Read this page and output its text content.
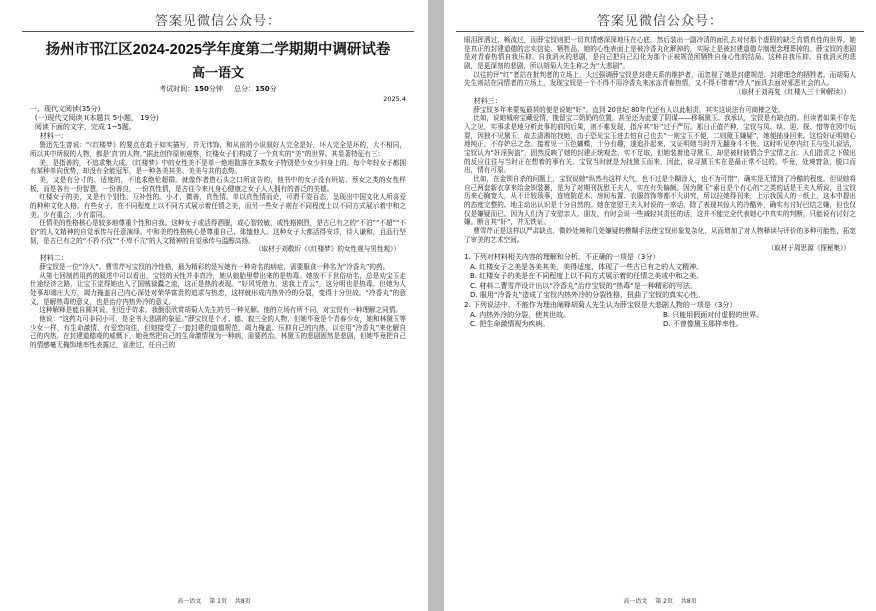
答案见微信公众号：
扬州市邗江区2024-2025学年度第二学期期中调研试卷
高一语文
考试时间：150分钟 总分：150分
2025.4

一、现代文阅读(35分)

(一)现代文阅读 I(本题共 5小题， 19分)

阅读下面的文字，完成 1~5题。

材料一：

鲁迅先生曾说：“《红楼梦》的要点在敢于如实描写，并无讳饰，和从前的小说叙好人完全是好，坏人完全是坏的，大不相同，所以其中所叙的人物，都是‘真’的人物。”据此创作原则观察，红楼女子们构成了一个真实的“美”的世界。其显著特征有三：

美，是指善的，不追求集大成。《红楼梦》中的女性美不是单一绝地散落在多数女子特别是少女少妇身上的。每个年轻女子都拥有某种单向优势，却没有全能冠军，是一种各美其美、美美与共的态势。

美，又是有分寸的、适度的，不追求绝伦超群。就像作者借石头之口所宣告的，他书中的女子没有班姑、蔡女之类的女性样板，而是各有一份智慧，一份善良，一份真性情，是古往今来凡身心健康之女子人人拥有的普泛的美德。

红楼女子的美，又是有个别性、互补性的。小才，微善，真性情。单以真性情而论，可谓千姿百态，呈现出中国文化人所喜爱的种种文化人格。有些女子，在不同程度上以不同方式展示着任情之美，而另一些女子则在不同程度上以不同方式展示着中和之美。少有重合，少有雷同。

任情美的性格核心是较多地尊重个性和自我。这种女子或活得洒脱，或心智较敏，或性格刚烈，是古已有之的“不泊”“不超”“不俗”的人文精神的自觉承传与任意演绎。中和美的性格核心是尊重自己、体恤他人。这种女子大都活得安详，待人谦和，且品行坚韧，是古已有之的“不矜不伐”“不卑不亢”的人文精神的自觉承传与温醇高扬。

（取材于刘敬圻《《红楼梦》的女性观与男性观》）

材料二：

薛宝钗是一位“冷人”。曹雪芹写宝钗的冷性格，最为精彩的是写她有一种奇名的病症，需要服食一种名为“冷香丸”的药。

从第七回制药用药的叙述中可以看出，宝钗的天性并非真冷，她从娘胎里带出来的是热毒。她放不下世俗功名，总是劝宝玉走仕途经济之路，让宝玉觉得她也入了国贼禄蠹之流，这正是热的表现。“好风凭借力，送我上青云”，这分明也是热毒。但她为人处事却端庄大方，竭力掩盖自己内心深处对荣华富贵的追求与热恋，这样就形成内热外冷的分裂，变得十分世故。“冷香丸”的意义，是解热毒的意义，也是治疗内热外冷的意义。

这种解释是能自圆其说，但近乎苛求。我倒很欣赏胡菊人先生的另一种见解。他的立场有所不同，对宝钗有一种理解之同情。

他说：“这药丸可非同小可，是全书大悲剧的象征。”薛宝钗是个才、德、貌三全的人物，但她毕竟是个青春少女，她和林黛玉等少女一样，有生命激情，有爱恋向往，但她接受了一套封建的道德规范，竭力掩盖、压抑自己的内热，以至用“冷香丸”来化解自己的内热。在封建道德观的威慑下，她竟然把自己的生命激情视为一种病，需要药治。林黛玉的悲剧固然是悲剧，但她毕竟把自己的情感毫无掩饰地率性表露过，宣泄过，任自己的

高一语文 第 1页 共8页
答案见微信公众号：

眼泪挥洒过、畅流过，而薛宝钗则把一切真情感深深地压在心底，然后装出一副冷清的面孔去对付那个虚假的缺乏真情真性的世界。她是真正的封建道德的忠实信徒、牺牲品，她的心性表面上是被冷香丸化解掉的，实际上是被封建道德专制理念埋葬掉的。薛宝钗的悲剧是对青春热情自我压抑、自我消灭的悲剧，是自己把自己幻化为那个正被规范所牺牲自身心性的结局。这种自我压抑、自我消灭的悲剧，是更深刻的悲剧，所以胡菊人先生称之为“大悲剧”。

以往的评“红”者站在批判者的立场上，大过强调薛宝钗是封建关系的维护者，而忽视了她是封建规范、封建理念的牺牲者。而胡菊人先生则站在同情者的立场上，发现宝钗是一个不得不用冷香丸来冰冻青春热情，又不得不带着“冷人”面具去面对邪恶社会的人。

（取材于刘再复《红楼人三十种解读》）

材料三：

薛宝钗多年来蒙冤最甚的便是说她“奸”。直到 20世纪 80年代还有人以此相责，其实这说法有可商榷之处。

比如，说她城府宝藏爱情，挽留宝二奶奶的位置，甚至还为此要了阴谋——移祸黛玉。我承认，宝钗是有缺点的。但读者如果不存先入之见，实事求是地分析此事的前因后果，则不难发现，指斥其“奸”过于严厉。那日正值芒种，宝钗与凤、纨、迎、探、惜等在园中玩耍，因独不见黛玉，故去潇湘馆找她，由于恐见宝玉进去怕自己也去“一则宝玉不便，二则黛玉嫌疑”，她便抽身回来。这恰好证明她心地纯正，不存妒忌之念。接着见一玉色蝴蝶，十分有趣，遂追扑起来，又证明她当时并无翻身斗不快。这时听见亭内红玉与坠儿说话，宝钗认为“奸淫狗盗”，固然反映了她的封建正统观念，实不足取，但她装着追寻黛玉，却是被时彼情合乎宝情之言。人们指责之下做出的反应往往与当时正在想着的事有关。宝钗当时就是为找黛玉而来，因此，说寻黛玉实在是最正常不过的。毕竟，处境窘急，脱口而出，情有可原。

比如，在金钏自杀的问题上，宝钗说她“纵然有这样大气，也不过是个糊涂人，也不为可惜”，确实是无情到了冷酷的程度。但说她将自己两套新衣拿来给金钏装裹，是为了对期刊抚慰王夫人，实在有失偏颇。因为黛玉“素日是个有心的”之类的话是王夫人所说，且宝钗历来心胸宽大，从不计较琐事，连庭院花木、房间布置、衣服首饰等都不大讲究，所以拉她得刊来，上示我国人的一纸上，这本中提出的态度完整的。地主动出认识是十分自然的。她在宽慰王夫人时说的一席话，除了表现其惊人的冷酷外，确实有讨好巴结之嫌，但也仅仅是嫌疑而已。因为人们为了安慰亲人、朋友，有时会说一些减轻其责任的话，这并不能完全代表她心中真实的判断，只能说有讨好之嫌。断言其“奸”，并无铁证。

曹雪芹正是这样以严肃缺点、微妙处境和几处嫌疑的模糊手法使宝钗形象复杂化，从而增加了对人物释读与评价的多种可能性，拓宽了审美的艺术空间。

（取材于周思源《探秘集》）

1. 下列对材料相关内容的理解和分析，不正确的一项是（3分）

A. 红楼女子之美是各美其美，美得适度，体现了一些古已有之的人文精神。

B. 红楼女子的美是在不同程度上以不同方式展示着的任情之美或中和之美。

C. 材料二曹雪芹设计出以“冷香丸”治疗宝钗的“热毒”是一种精彩的写法。

D. 服用“冷香丸”造成了宝钗内热外冷的分裂性格，扭曲了宝钗的真实心性。

2. 下列说法中，不能作为理由阐释胡菊人先生认为薛宝钗是大悲剧人物的一项是（3分）

A. 内热外冷的分裂，使其世故。	B. 只能用假面对付虚假的世界。
C. 把生命激情视为疾病。	D. 不曾像黛玉那样率性。
高一语文 第 2页 共8页
